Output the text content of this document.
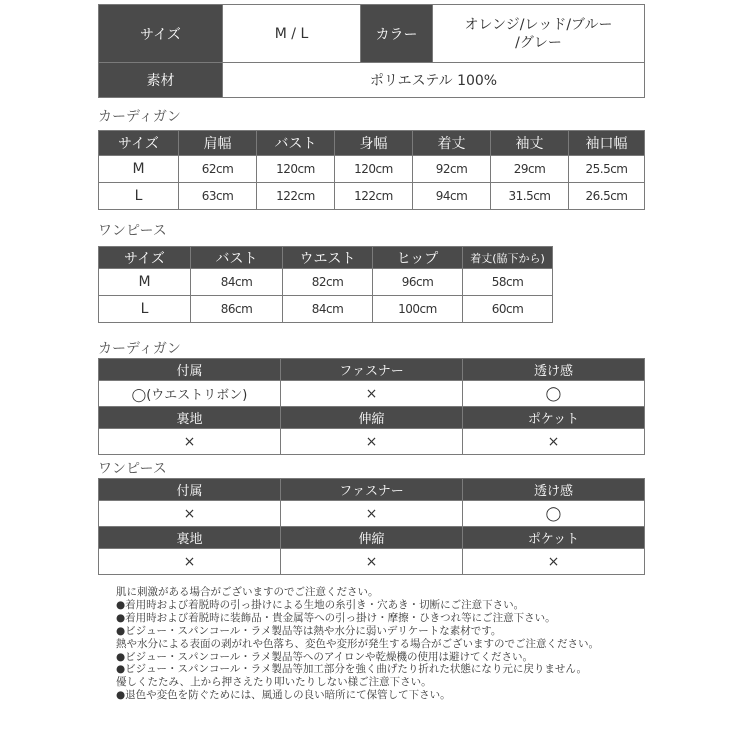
サイズ	M / L	カラー	オレンジ/レッド/ブルー
/グレー

素材	ポリエステル 100%		
カーディガン
サイズ	肩幅	バスト	身幅	着丈	袖丈	袖口幅
M	62cm	120cm	120cm	92cm	29cm	25.5cm
L	63cm	122cm	122cm	94cm	31.5cm	26.5cm
ワンピース
サイズ	バスト	ウエスト	ヒップ	着丈(脇下から)
M	84cm	82cm	96cm	58cm
L	86cm	84cm	100cm	60cm
カーディガン
付属	ファスナー	透け感
◯(ウエストリボン)	×	◯
裏地	伸縮	ポケット
×	×	×
ワンピース
付属	ファスナー	透け感
×	×	◯
裏地	伸縮	ポケット
×	×	×
肌に刺激がある場合がございますのでご注意ください。
●着用時および着脱時の引っ掛けによる生地の糸引き・穴あき・切断にご注意下さい。
●着用時および着脱時に装飾品・貴金属等への引っ掛け・摩擦・ひきつれ等にご注意下さい。
●ビジュー・スパンコール・ラメ製品等は熱や水分に弱いデリケートな素材です。
熱や水分による表面の剥がれや色落ち、変色や変形が発生する場合がございますのでご注意ください。
●ビジュー・スパンコール・ラメ製品等へのアイロンや乾燥機の使用は避けてください。
●ビジュー・スパンコール・ラメ製品等加工部分を強く曲げたり折れた状態になり元に戻りません。
優しくたたみ、上から押さえたり叩いたりしない様ご注意下さい。
●退色や変色を防ぐためには、風通しの良い暗所にて保管して下さい。
